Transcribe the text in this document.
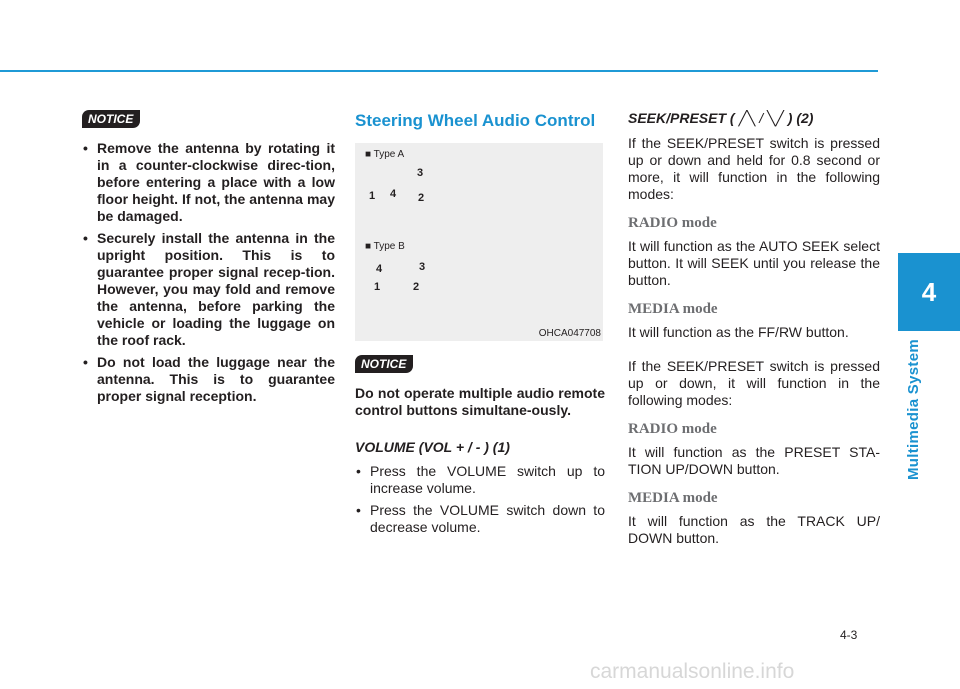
4
Multimedia System
NOTICE
• Remove the antenna by rotating it in a counter-clockwise direc-tion, before entering a place with a low floor height. If not, the antenna may be damaged.
• Securely install the antenna in the upright position. This is to guarantee proper signal recep-tion. However, you may fold and remove the antenna, before parking the vehicle or loading the luggage on the roof rack.
• Do not load the luggage near the antenna. This is to guarantee proper signal reception.
Steering Wheel Audio Control
■ Type A
1 4
3
2
■ Type B
4
1
3
2
OHCA047708
NOTICE

Do not operate multiple audio remote control buttons simultane-ously.

VOLUME (VOL + / - ) (1)
• Press the VOLUME switch up to increase volume.
• Press the VOLUME switch down to decrease volume.
SEEK/PRESET ( ╱╲ / ╲╱ ) (2)

If the SEEK/PRESET switch is pressed up or down and held for 0.8 second or more, it will function in the following modes:

RADIO mode

It will function as the AUTO SEEK select button. It will SEEK until you release the button.

MEDIA mode

It will function as the FF/RW button.

If the SEEK/PRESET switch is pressed up or down, it will function in the following modes:

RADIO mode

It will function as the PRESET STA-TION UP/DOWN button.

MEDIA mode

It will function as the TRACK UP/ DOWN button.

4-3
carmanualsonline.info
